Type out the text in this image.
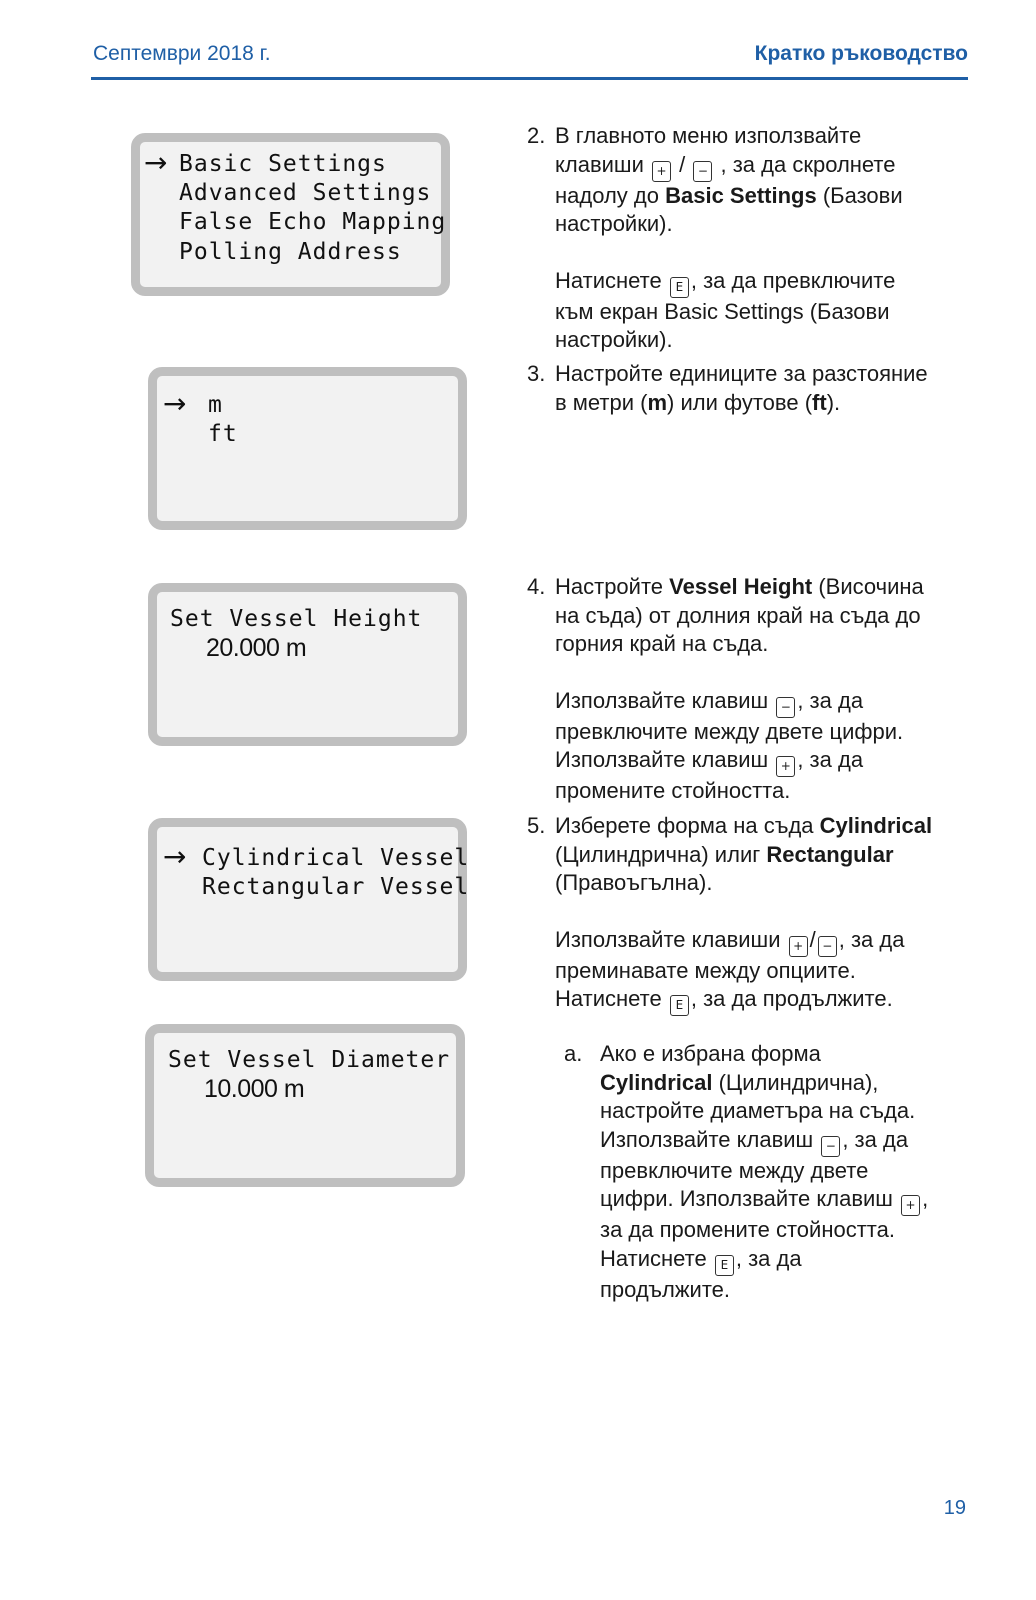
Септември 2018 г.	Кратко ръководство
→ Basic Settings
Advanced Settings
False Echo Mapping
Polling Address
→ m
ft
Set Vessel Height
20.000 m
→ Cylindrical Vessel
Rectangular Vessel
Set Vessel Diameter
10.000 m
2. В главното меню използвайте

клавиши + / − , за да скролнете

надолу до Basic Settings (Базови

настройки).

Натиснете E , за да превключите

към екран Basic Settings (Базови

настройки).

3. Настройте единиците за разстояние

в метри (m) или футове (ft).

4. Настройте Vessel Height (Височина

на съда) от долния край на съда до

горния край на съда.

Използвайте клавиш − , за да

превключите между двете цифри.

Използвайте клавиш + , за да

промените стойността.

5. Изберете форма на съда Cylindrical

(Цилиндрична) илиг Rectangular

(Правоъгълна).

Използвайте клавиши + / − , за да

преминавате между опциите.

Натиснете E , за да продължите.

a. Ако е избрана форма

Cylindrical (Цилиндрична),

настройте диаметъра на съда.

Използвайте клавиш − , за да

превключите между двете

цифри. Използвайте клавиш + ,

за да промените стойността.

Натиснете E , за да

продължите.

19
